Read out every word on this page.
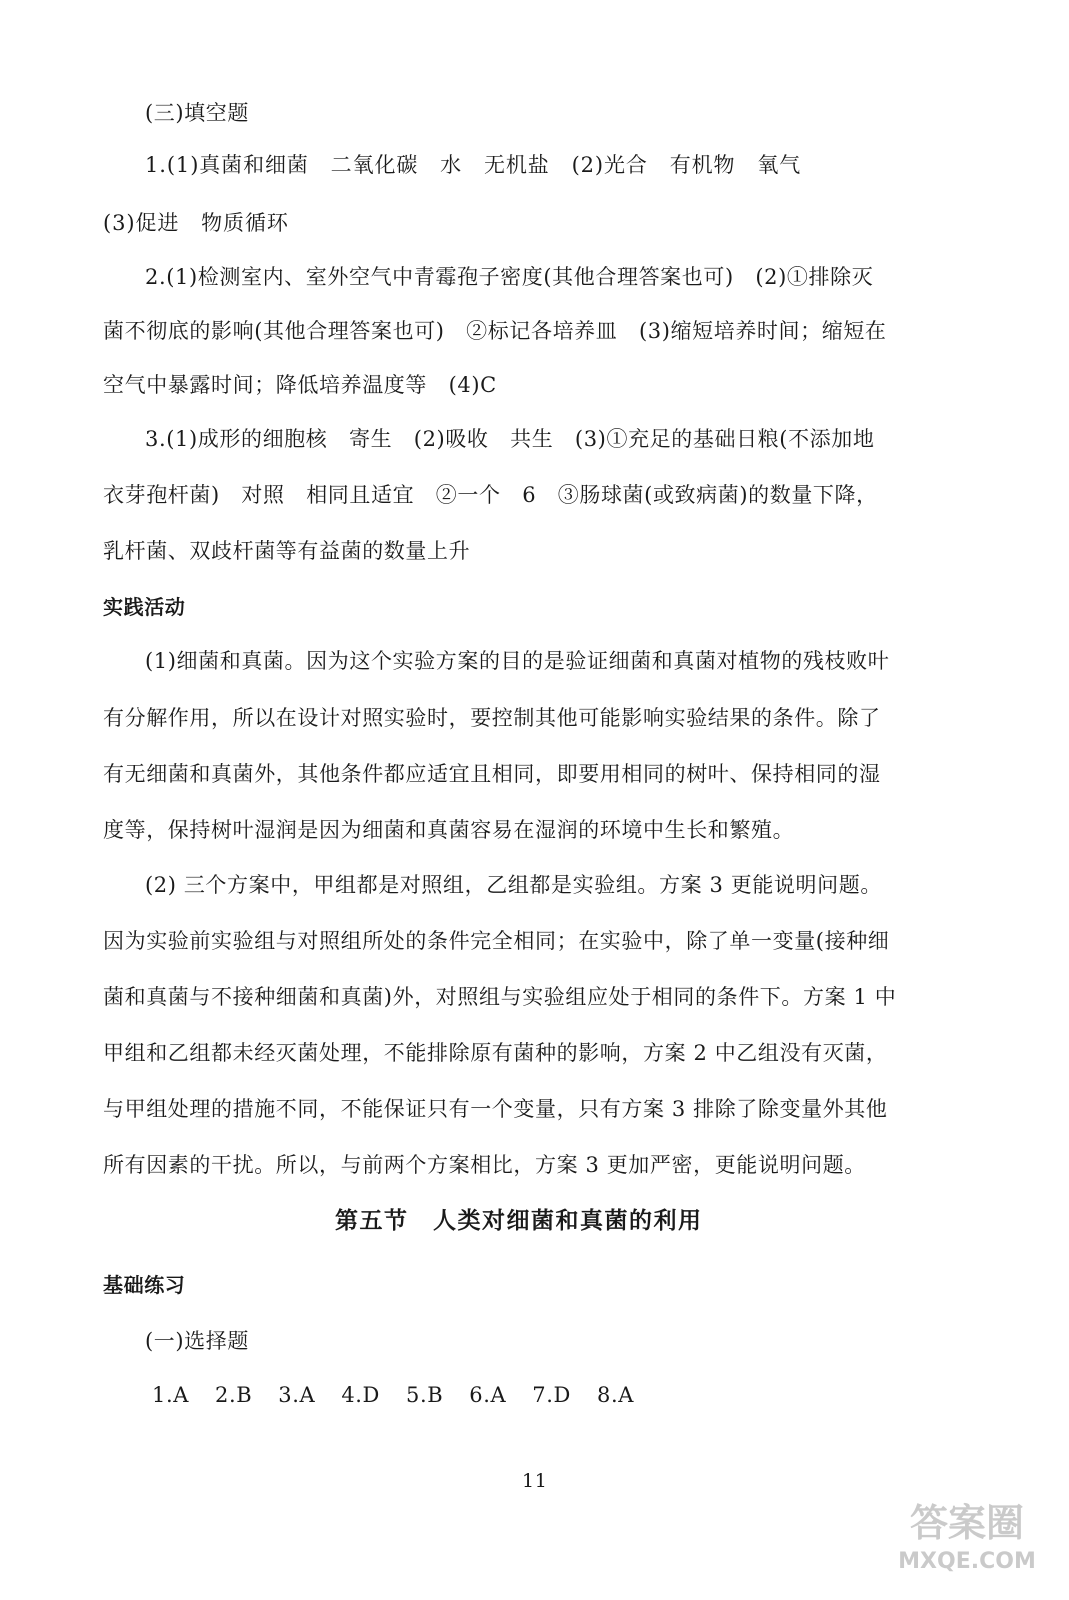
(三)填空题
1.(1)真菌和细菌　二氧化碳　水　无机盐　(2)光合　有机物　氧气
(3)促进　物质循环
2.(1)检测室内、室外空气中青霉孢子密度(其他合理答案也可)　(2)①排除灭
菌不彻底的影响(其他合理答案也可)　②标记各培养皿　(3)缩短培养时间；缩短在
空气中暴露时间；降低培养温度等　(4)C
3.(1)成形的细胞核　寄生　(2)吸收　共生　(3)①充足的基础日粮(不添加地
衣芽孢杆菌)　对照　相同且适宜　②一个　6　③肠球菌(或致病菌)的数量下降，
乳杆菌、双歧杆菌等有益菌的数量上升
实践活动
(1)细菌和真菌。因为这个实验方案的目的是验证细菌和真菌对植物的残枝败叶
有分解作用，所以在设计对照实验时，要控制其他可能影响实验结果的条件。除了
有无细菌和真菌外，其他条件都应适宜且相同，即要用相同的树叶、保持相同的湿
度等，保持树叶湿润是因为细菌和真菌容易在湿润的环境中生长和繁殖。
(2) 三个方案中，甲组都是对照组，乙组都是实验组。方案 3 更能说明问题。
因为实验前实验组与对照组所处的条件完全相同；在实验中，除了单一变量(接种细
菌和真菌与不接种细菌和真菌)外，对照组与实验组应处于相同的条件下。方案 1 中
甲组和乙组都未经灭菌处理，不能排除原有菌种的影响，方案 2 中乙组没有灭菌，
与甲组处理的措施不同，不能保证只有一个变量，只有方案 3 排除了除变量外其他
所有因素的干扰。所以，与前两个方案相比，方案 3 更加严密，更能说明问题。
第五节　人类对细菌和真菌的利用
基础练习
(一)选择题
1.A 2.B 3.A 4.D 5.B 6.A 7.D 8.A
11
答案圈
MXQE.COM
